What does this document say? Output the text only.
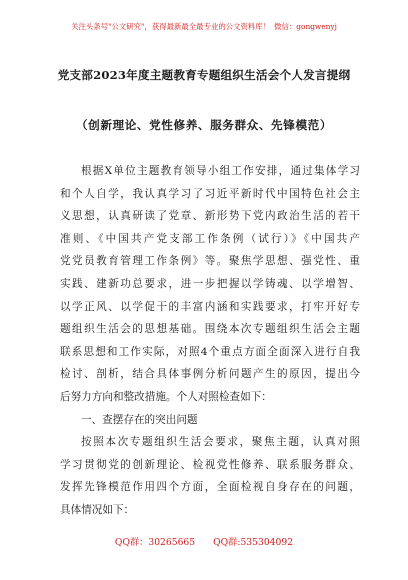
关注头条号"公文研究"，获得最新最全最专业的公文资料库！ 微信：gongwenyj
党支部2023年度主题教育专题组织生活会个人发言提纲
（创新理论、党性修养、服务群众、先锋模范）
根据X单位主题教育领导小组工作安排，通过集体学习
和个人自学，我认真学习了习近平新时代中国特色社会主
义思想，认真研读了党章、新形势下党内政治生活的若干
准则、《中国共产党支部工作条例（试行）》《中国共产
党党员教育管理工作条例》等。聚焦学思想、强党性、重
实践、建新功总要求，进一步把握以学铸魂、以学增智、
以学正风、以学促干的丰富内涵和实践要求，打牢开好专
题组织生活会的思想基础。围绕本次专题组织生活会主题
联系思想和工作实际，对照4个重点方面全面深入进行自我
检讨、剖析，结合具体事例分析问题产生的原因，提出今
后努力方向和整改措施。个人对照检查如下：
一、查摆存在的突出问题
按照本次专题组织生活会要求，聚焦主题，认真对照
学习贯彻党的创新理论、检视党性修养、联系服务群众、
发挥先锋模范作用四个方面，全面检视自身存在的问题，
具体情况如下：
QQ群：30265665 QQ群:535304092
